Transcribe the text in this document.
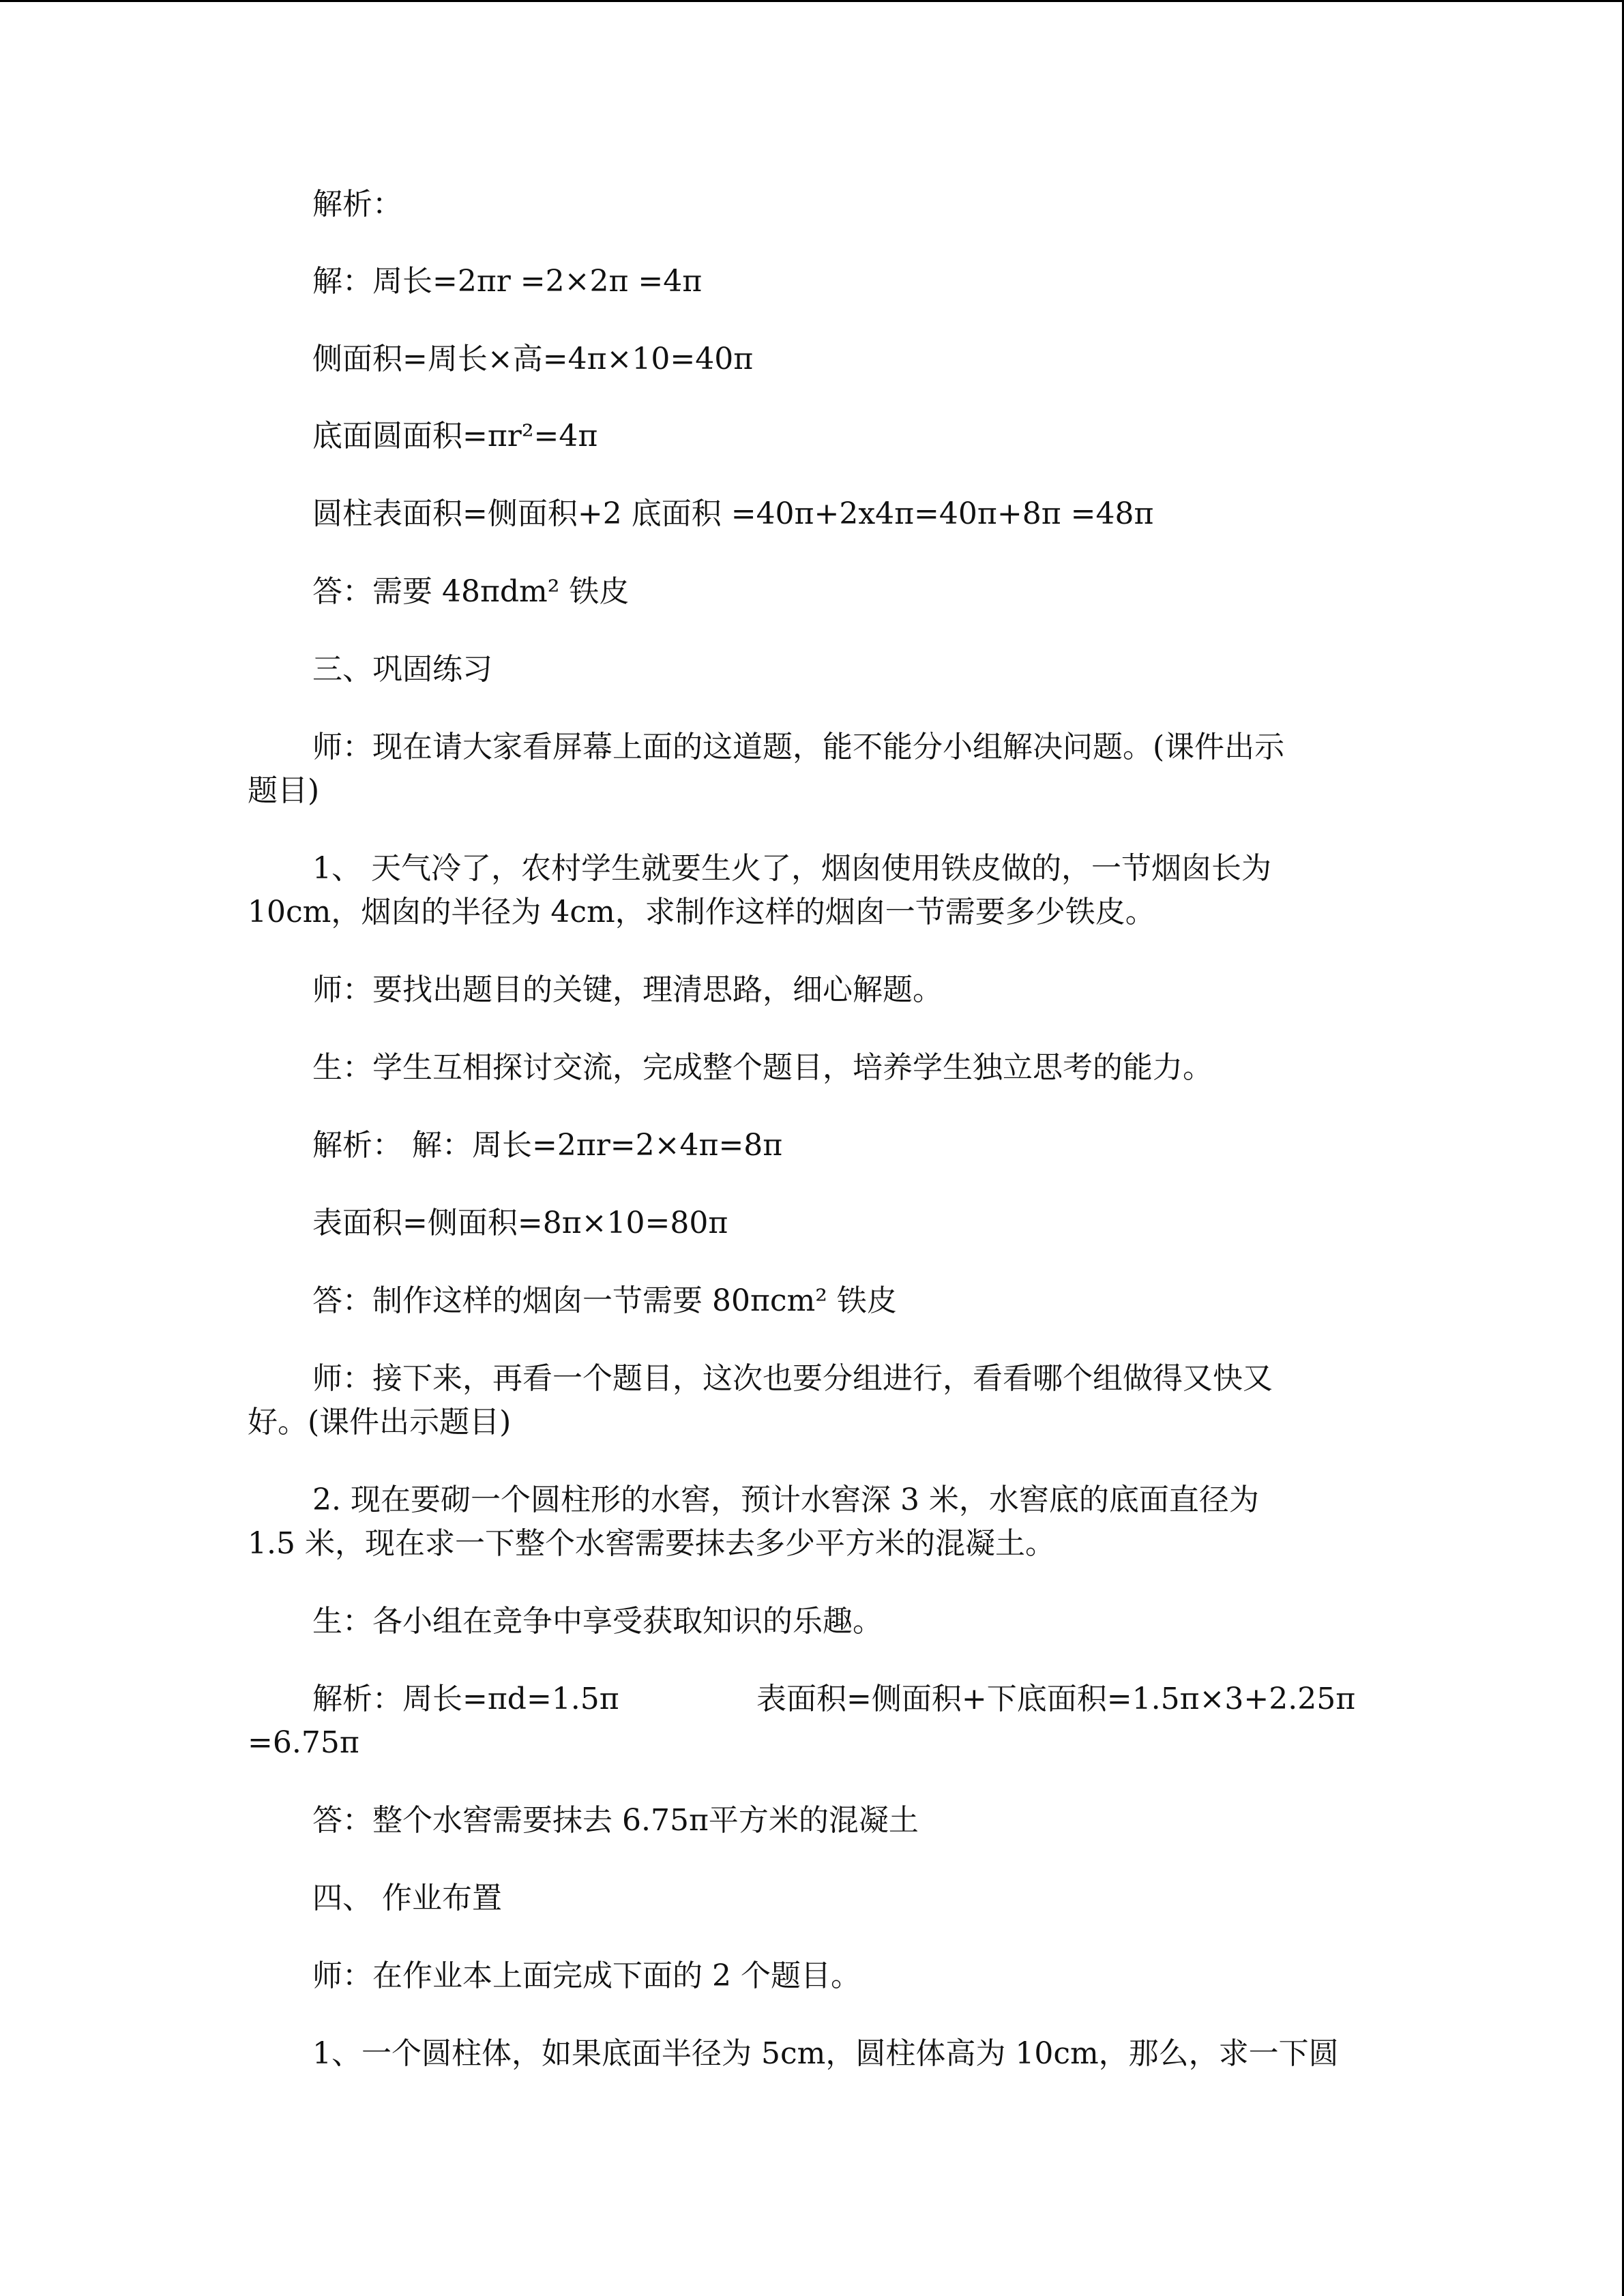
解析：
解：周长=2πr =2×2π =4π
侧面积=周长×高=4π×10=40π
底面圆面积=πr²=4π
圆柱表面积=侧面积+2 底面积 =40π+2x4π=40π+8π =48π
答：需要 48πdm² 铁皮
三、巩固练习
师：现在请大家看屏幕上面的这道题，能不能分小组解决问题。(课件出示
题目)
1、 天气冷了，农村学生就要生火了，烟囱使用铁皮做的，一节烟囱长为
10cm，烟囱的半径为 4cm，求制作这样的烟囱一节需要多少铁皮。
师：要找出题目的关键，理清思路，细心解题。
生：学生互相探讨交流，完成整个题目，培养学生独立思考的能力。
解析： 解：周长=2πr=2×4π=8π
表面积=侧面积=8π×10=80π
答：制作这样的烟囱一节需要 80πcm² 铁皮
师：接下来，再看一个题目，这次也要分组进行，看看哪个组做得又快又
好。(课件出示题目)
2. 现在要砌一个圆柱形的水窖，预计水窖深 3 米，水窖底的底面直径为
1.5 米，现在求一下整个水窖需要抹去多少平方米的混凝土。
生：各小组在竞争中享受获取知识的乐趣。
解析：周长=πd=1.5π	表面积=侧面积+下底面积=1.5π×3+2.25π
=6.75π
答：整个水窖需要抹去 6.75π平方米的混凝土
四、 作业布置
师：在作业本上面完成下面的 2 个题目。
1、一个圆柱体，如果底面半径为 5cm，圆柱体高为 10cm，那么，求一下圆
